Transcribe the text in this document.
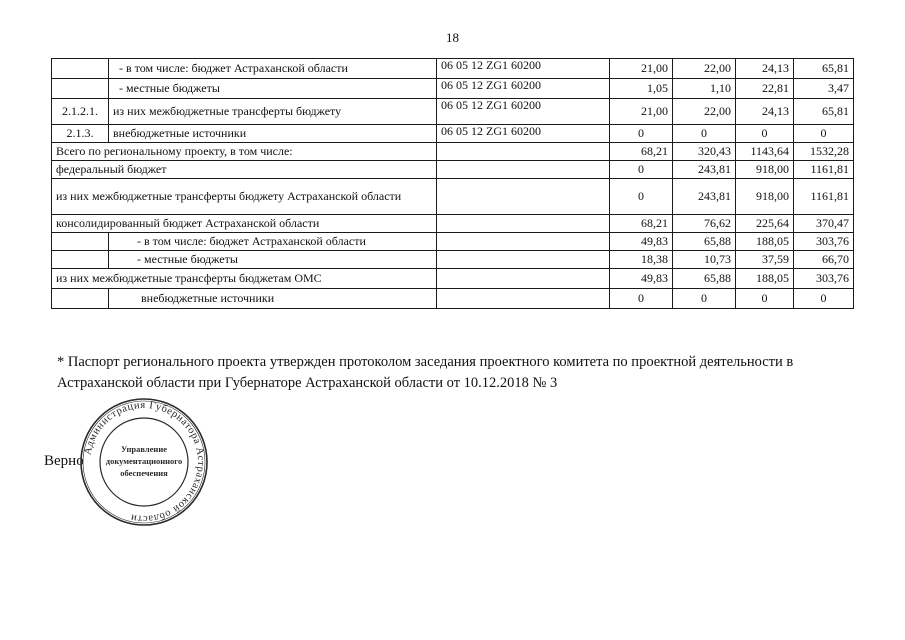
18
	- в том числе: бюджет Астраханской области	06 05 12 ZG1 60200	21,00	22,00	24,13	65,81
	- местные бюджеты	06 05 12 ZG1 60200	1,05	1,10	22,81	3,47
2.1.2.1.	из них межбюджетные трансферты бюджету	06 05 12 ZG1 60200	21,00	22,00	24,13	65,81
2.1.3.	внебюджетные источники	06 05 12 ZG1 60200	0	0	0	0
Всего по региональному проекту, в том числе:			68,21	320,43	1143,64	1532,28
федеральный бюджет			0	243,81	918,00	1161,81
из них межбюджетные трансферты бюджету Астраханской области			0	243,81	918,00	1161,81
консолидированный бюджет Астраханской области			68,21	76,62	225,64	370,47
	- в том числе: бюджет Астраханской области		49,83	65,88	188,05	303,76
	- местные бюджеты		18,38	10,73	37,59	66,70
из них межбюджетные трансферты бюджетам ОМС			49,83	65,88	188,05	303,76
	внебюджетные источники		0	0	0	0
* Паспорт регионального проекта утвержден протоколом заседания проектного комитета по проектной деятельности в Астраханской области при Губернаторе Астраханской области от 10.12.2018 № 3
Верно
Администрация Губернатора Астраханской области
Управление
документационного
обеспечения
